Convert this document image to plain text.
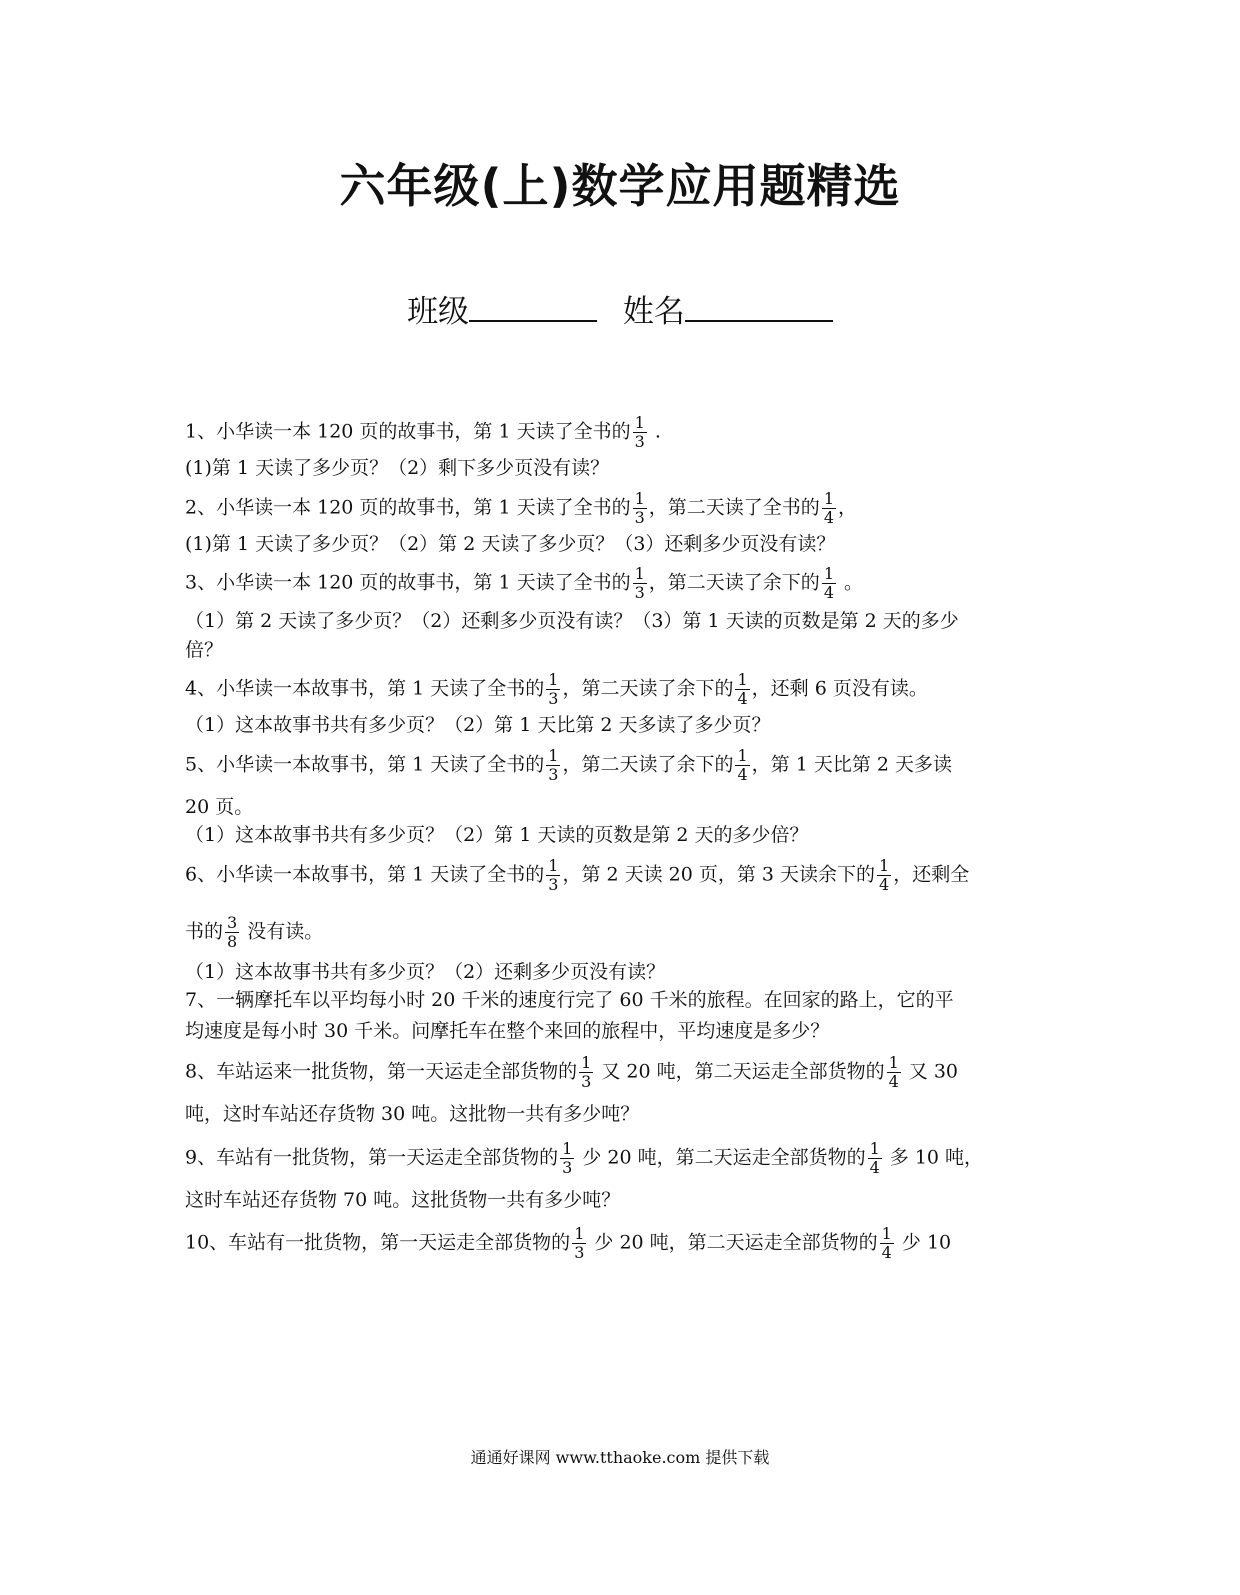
六年级(上)数学应用题精选
班级	姓名

1、小华读一本 120 页的故事书，第 1 天读了全书的 $\frac{1}{3}$ .

(1)第 1 天读了多少页？（2）剩下多少页没有读？

2、小华读一本 120 页的故事书，第 1 天读了全书的 $\frac{1}{3}$ ，第二天读了全书的 $\frac{1}{4}$ ，

(1)第 1 天读了多少页？（2）第 2 天读了多少页？（3）还剩多少页没有读？

3、小华读一本 120 页的故事书，第 1 天读了全书的 $\frac{1}{3}$ ，第二天读了余下的 $\frac{1}{4}$ 。

（1）第 2 天读了多少页？（2）还剩多少页没有读？（3）第 1 天读的页数是第 2 天的多少

倍？

4、小华读一本故事书，第 1 天读了全书的 $\frac{1}{3}$ ，第二天读了余下的 $\frac{1}{4}$ ，还剩 6 页没有读。

（1）这本故事书共有多少页？（2）第 1 天比第 2 天多读了多少页？

5、小华读一本故事书，第 1 天读了全书的 $\frac{1}{3}$ ，第二天读了余下的 $\frac{1}{4}$ ，第 1 天比第 2 天多读

20 页。

（1）这本故事书共有多少页？（2）第 1 天读的页数是第 2 天的多少倍？

6、小华读一本故事书，第 1 天读了全书的 $\frac{1}{3}$ ，第 2 天读 20 页，第 3 天读余下的 $\frac{1}{4}$ ，还剩全

书的 $\frac{3}{8}$ 没有读。

（1）这本故事书共有多少页？（2）还剩多少页没有读？

7、一辆摩托车以平均每小时 20 千米的速度行完了 60 千米的旅程。在回家的路上，它的平

均速度是每小时 30 千米。问摩托车在整个来回的旅程中，平均速度是多少？

8、车站运来一批货物，第一天运走全部货物的 $\frac{1}{3}$ 又 20 吨，第二天运走全部货物的 $\frac{1}{4}$ 又 30

吨，这时车站还存货物 30 吨。这批物一共有多少吨？

9、车站有一批货物，第一天运走全部货物的 $\frac{1}{3}$ 少 20 吨，第二天运走全部货物的 $\frac{1}{4}$ 多 10 吨，

这时车站还存货物 70 吨。这批货物一共有多少吨？

10、车站有一批货物，第一天运走全部货物的 $\frac{1}{3}$ 少 20 吨，第二天运走全部货物的 $\frac{1}{4}$ 少 10

通通好课网 www.tthaoke.com 提供下载
